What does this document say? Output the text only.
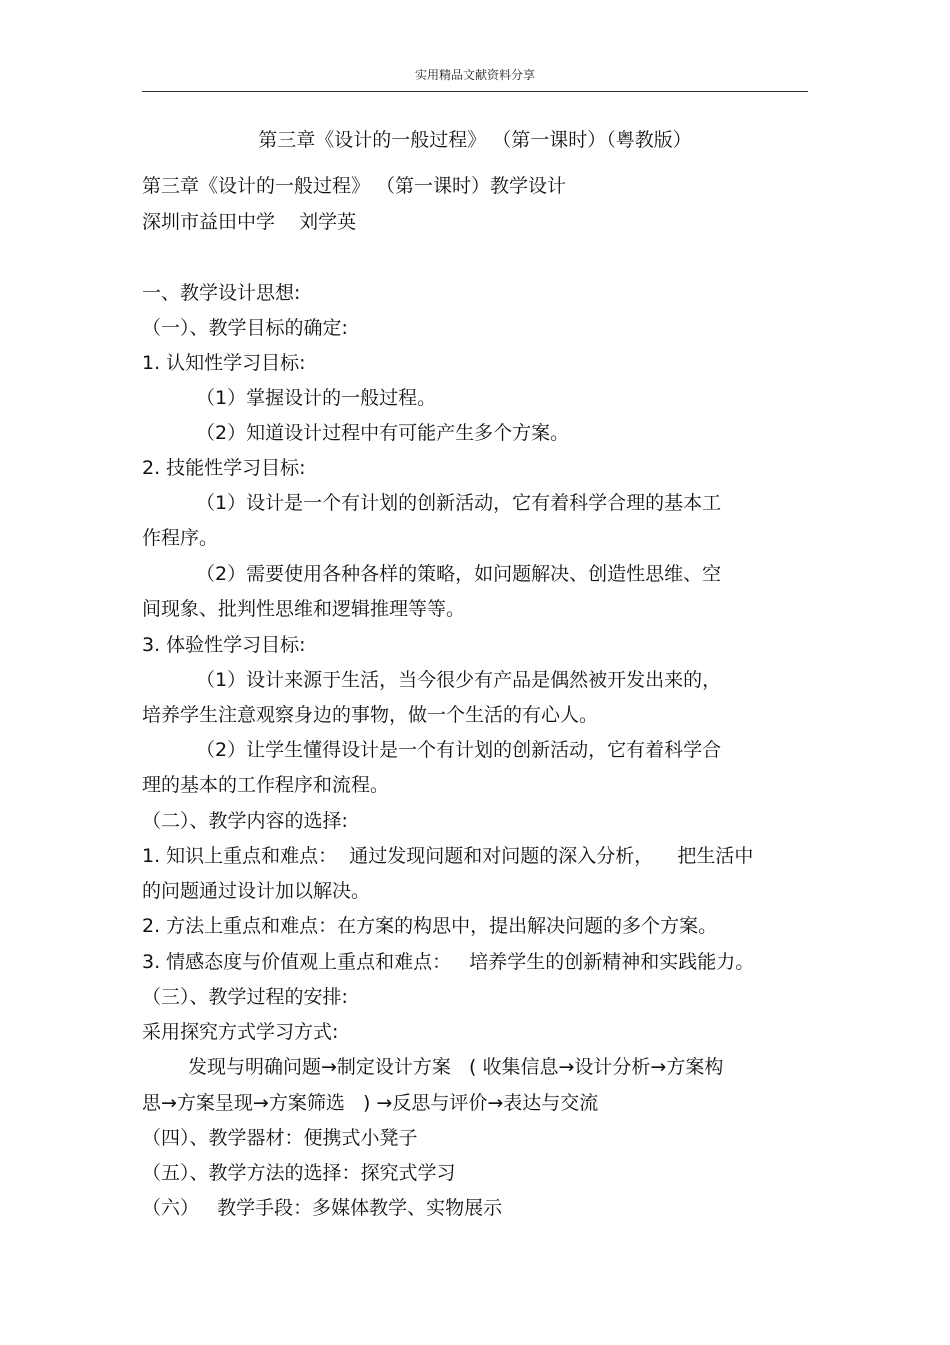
实用精品文献资料分享
第三章《设计的一般过程》 （第一课时）（粤教版）
第三章《设计的一般过程》 （第一课时）教学设计
深圳市益田中学    刘学英
一、教学设计思想:
（一）、教学目标的确定:
1. 认知性学习目标:
（1）掌握设计的一般过程。
（2）知道设计过程中有可能产生多个方案。
2. 技能性学习目标:
（1）设计是一个有计划的创新活动，它有着科学合理的基本工
作程序。
（2）需要使用各种各样的策略，如问题解决、创造性思维、空
间现象、批判性思维和逻辑推理等等。
3. 体验性学习目标:
（1）设计来源于生活，当今很少有产品是偶然被开发出来的，
培养学生注意观察身边的事物，做一个生活的有心人。
（2）让学生懂得设计是一个有计划的创新活动，它有着科学合
理的基本的工作程序和流程。
（二）、教学内容的选择:
1. 知识上重点和难点：  通过发现问题和对问题的深入分析，    把生活中
的问题通过设计加以解决。
2. 方法上重点和难点：在方案的构思中，提出解决问题的多个方案。
3. 情感态度与价值观上重点和难点：   培养学生的创新精神和实践能力。
（三）、教学过程的安排:
采用探究方式学习方式:
发现与明确问题→制定设计方案   ( 收集信息→设计分析→方案构
思→方案呈现→方案筛选   ) →反思与评价→表达与交流
（四）、教学器材：便携式小凳子
（五）、教学方法的选择：探究式学习
（六）   教学手段：多媒体教学、实物展示
